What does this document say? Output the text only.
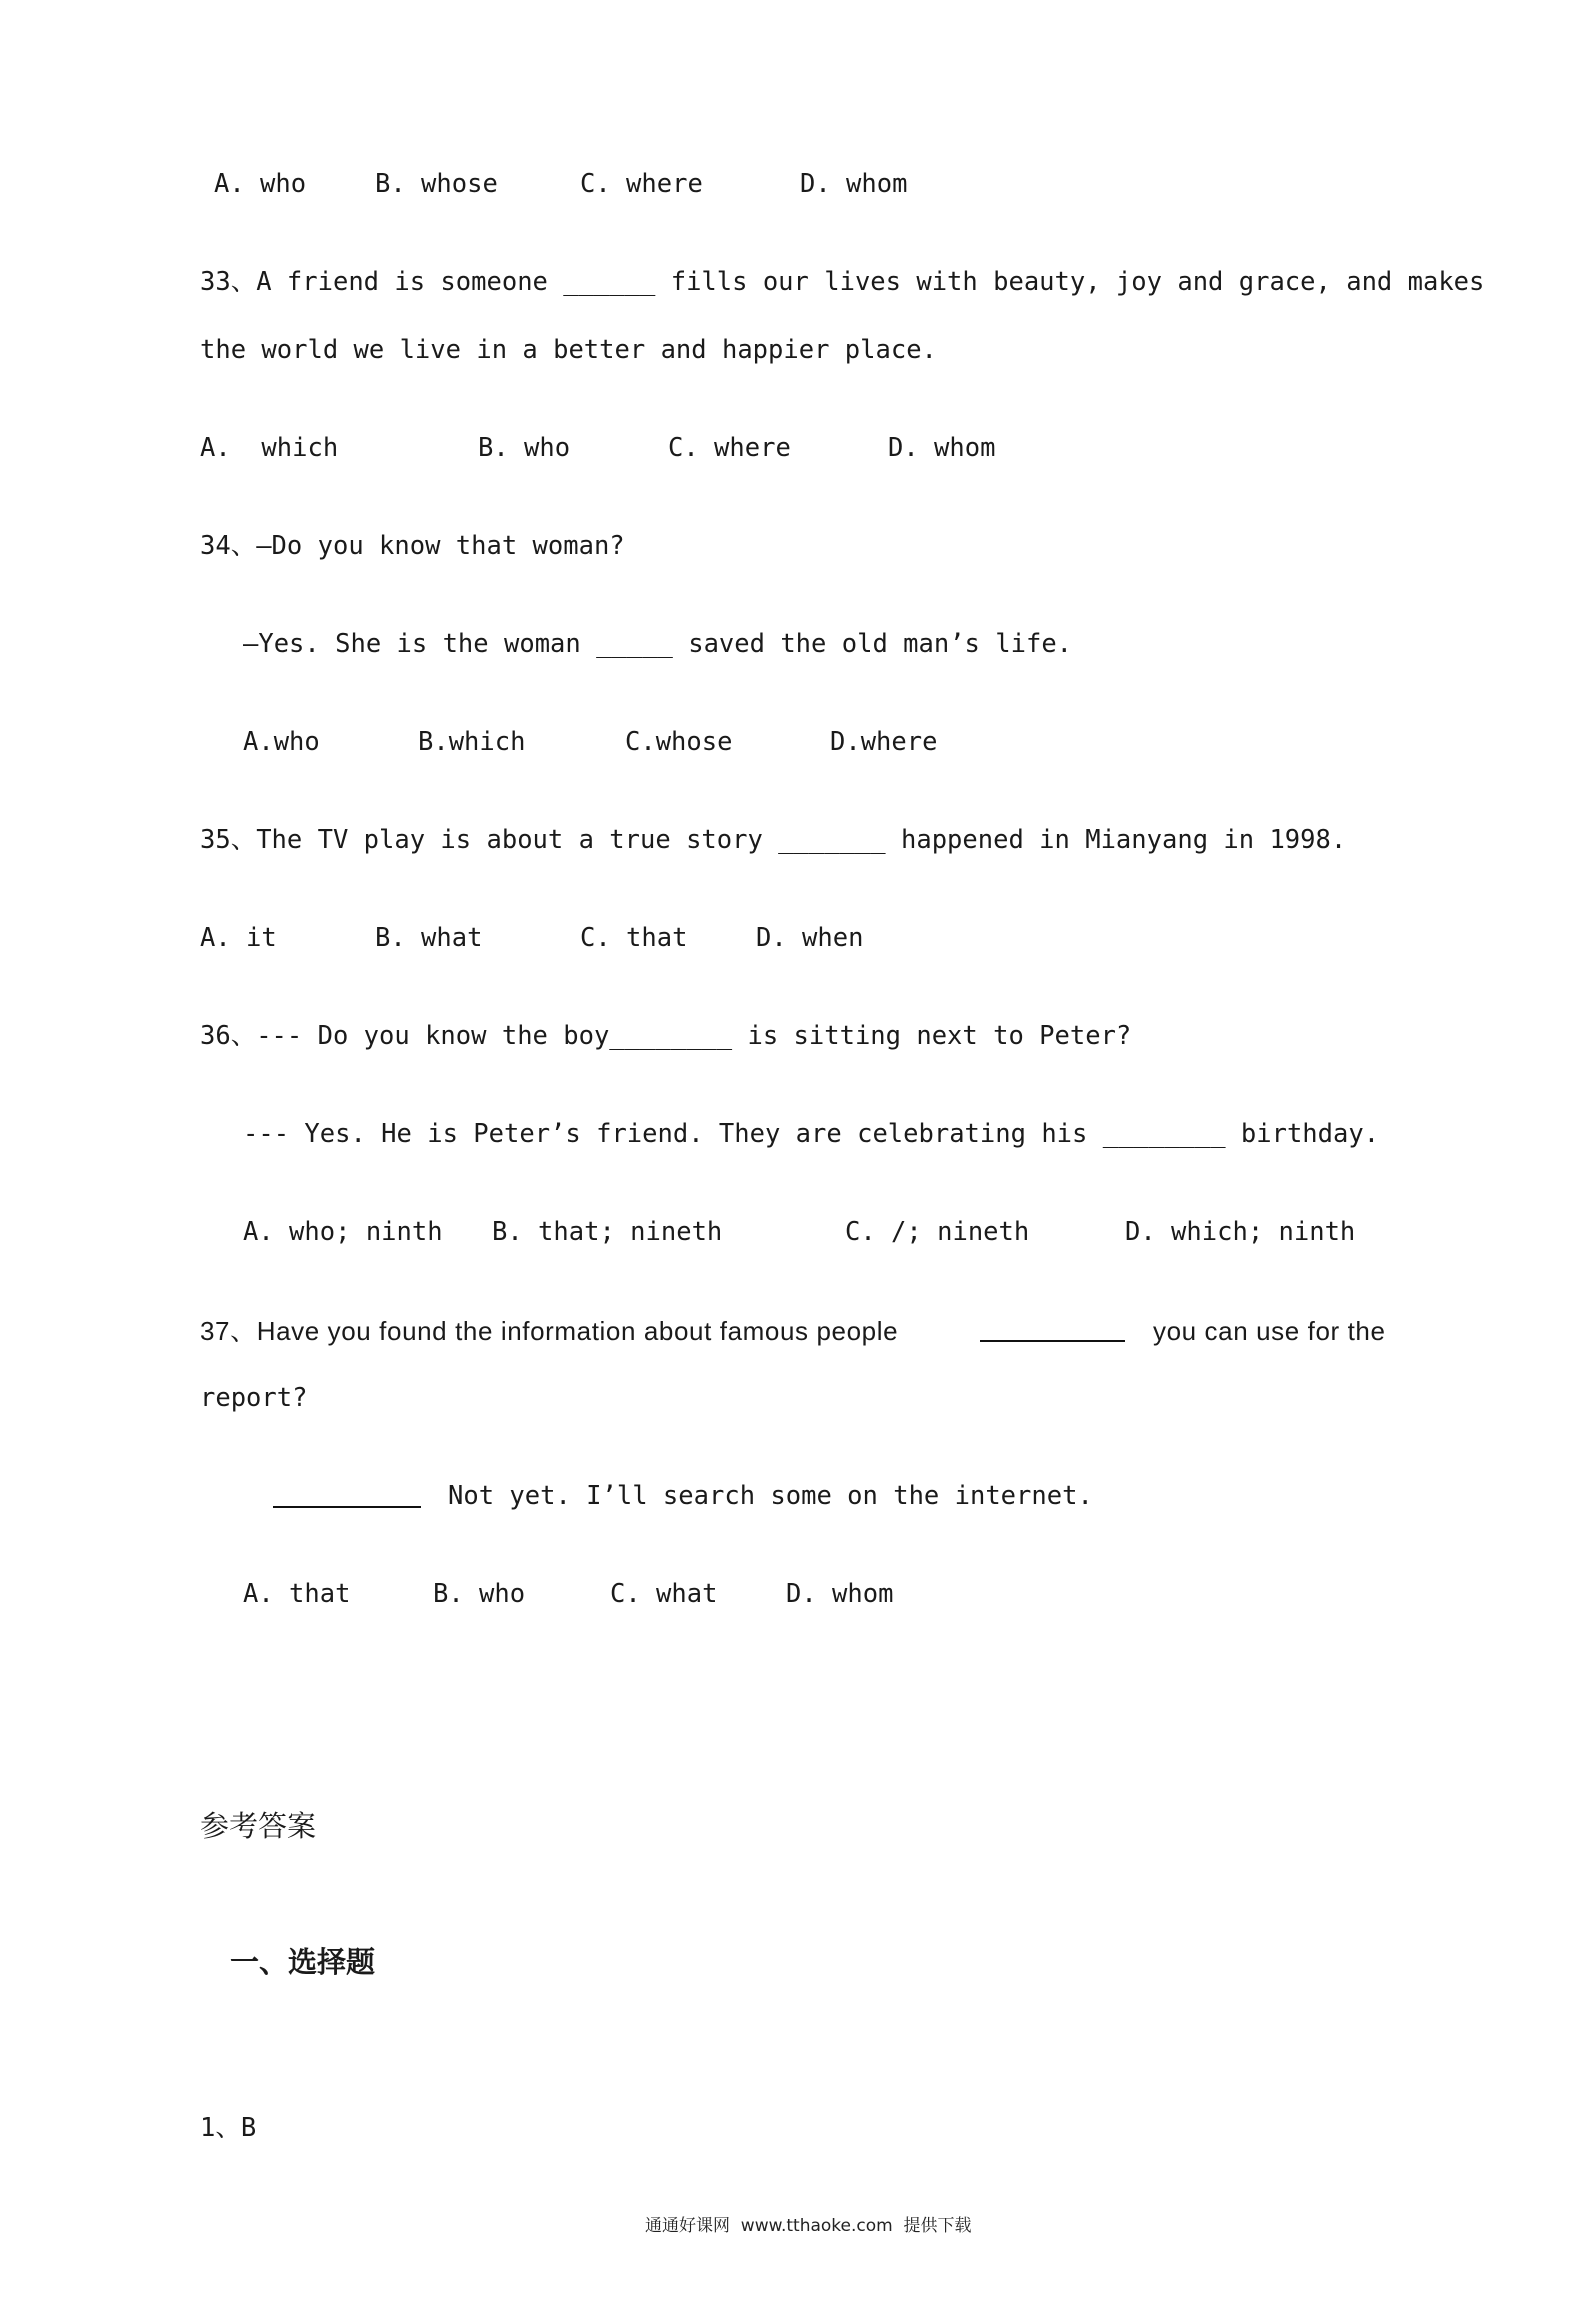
A. who	B. whose	C. where	D. whom
33、A friend is someone ______ fills our lives with beauty, joy and grace, and makes
the world we live in a better and happier place.
A.  which	B. who	C. where	D. whom
34、—Do you know that woman?
—Yes. She is the woman _____ saved the old man’s life.
A.who	B.which	C.whose	D.where
35、The TV play is about a true story _______ happened in Mianyang in 1998.
A. it	B. what	C. that	D. when
36、--- Do you know the boy________ is sitting next to Peter?
--- Yes. He is Peter’s friend. They are celebrating his ________ birthday.
A. who; ninth B. that; nineth	C. /; nineth	D. which; ninth
37、Have you found the information about famous people	you can use for the
report?
Not yet. I’ll search some on the internet.
A. that	B. who	C. what	D. whom
参考答案
一、选择题
1、B
通通好课网  www.tthaoke.com  提供下载
